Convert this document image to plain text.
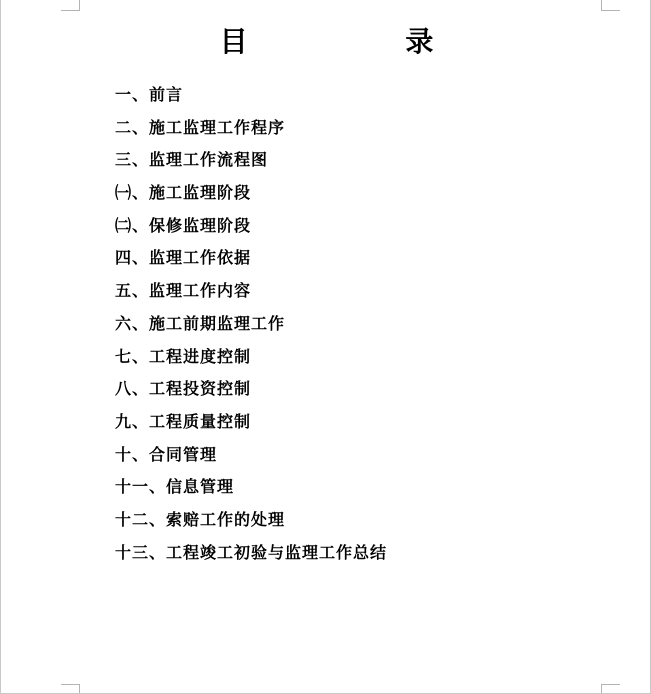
目 录
一、前言
二、施工监理工作程序
三、监理工作流程图
㈠、施工监理阶段
㈡、保修监理阶段
四、监理工作依据
五、监理工作内容
六、施工前期监理工作
七、工程进度控制
八、工程投资控制
九、工程质量控制
十、合同管理
十一、信息管理
十二、索赔工作的处理
十三、工程竣工初验与监理工作总结
